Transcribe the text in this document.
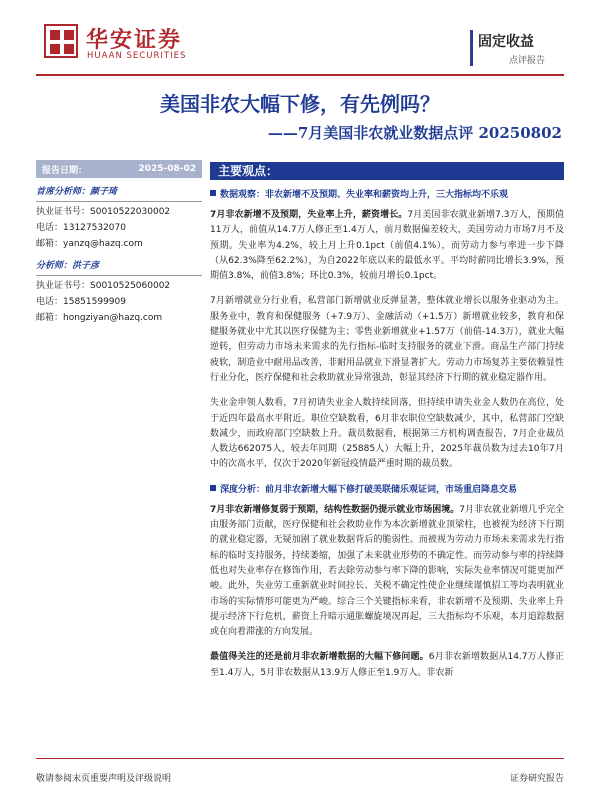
华安证券
HUAAN SECURITIES
固定收益
点评报告
美国非农大幅下修，有先例吗？
——7月美国非农就业数据点评 20250802
报告日期：	2025-08-02
首席分析师：颜子琦
执业证书号：S0010522030002
电话：13127532070
邮箱：yanzq@hazq.com
分析师：洪子彦
执业证书号：S0010525060002
电话：15851599909
邮箱：hongziyan@hazq.com
主要观点：
数据观察：非农新增不及预期、失业率和薪资均上升，三大指标均不乐观

7月非农新增不及预期，失业率上升，薪资增长。7月美国非农就业新增7.3万人，预期值11万人，前值从14.7万人修正至1.4万人，前月数据偏差较大，美国劳动力市场7月不及预期。失业率为4.2%，较上月上升0.1pct（前值4.1%），而劳动力参与率进一步下降（从62.3%降至62.2%），为自2022年底以来的最低水平。平均时薪同比增长3.9%，预期值3.8%，前值3.8%；环比0.3%，较前月增长0.1pct。

7月新增就业分行业看，私营部门新增就业反弹显著，整体就业增长以服务业驱动为主。服务业中，教育和保健服务（+7.9万）、金融活动（+1.5万）新增就业较多，教育和保健服务就业中尤其以医疗保健为主；零售业新增就业+1.57万（前值-14.3万），就业大幅逆转，但劳动力市场未来需求的先行指标-临时支持服务的就业下滑。商品生产部门持续疲软，制造业中耐用品改善，非耐用品就业下滑显著扩大。劳动力市场复苏主要依赖显性行业分化，医疗保健和社会救助就业异常强劲，彰显其经济下行期的就业稳定器作用。

失业金申领人数看，7月初请失业金人数持续回落，但持续申请失业金人数仍在高位，处于近四年最高水平附近。职位空缺数看，6月非农职位空缺数减少，其中，私营部门空缺数减少，而政府部门空缺数上升。裁员数据看，根据第三方机构调查报告，7月企业裁员人数达662075人，较去年同期（25885人）大幅上升，2025年裁员数为过去10年7月中的次高水平，仅次于2020年新冠疫情最严重时期的裁员数。

深度分析：前月非农新增大幅下修打破美联储乐观证词，市场重启降息交易

7月非农新增修复弱于预期，结构性数据仍提示就业市场困境。7月非农就业新增几乎完全由服务部门贡献，医疗保健和社会救助业作为本次新增就业顶梁柱，也被视为经济下行期的就业稳定器，无疑加剧了就业数据背后的脆弱性。而被视为劳动力市场未来需求先行指标的临时支持服务，持续萎缩，加强了未来就业形势的不确定性。而劳动参与率的持续降低也对失业率存在修饰作用，若去除劳动参与率下降的影响，实际失业率情况可能更加严峻。此外，失业劳工重新就业时间拉长、关税不确定性使企业继续谨慎招工等均表明就业市场的实际情形可能更为严峻。综合三个关键指标来看，非农新增不及预期、失业率上升提示经济下行危机，薪资上升暗示通胀螺旋境况再起，三大指标均不乐观，本月追踪数据或在向着滞涨的方向发展。

最值得关注的还是前月非农新增数据的大幅下修问题。6月非农新增数据从14.7万人修正至1.4万人，5月非农数据从13.9万人修正至1.9万人。非农新

敬请参阅末页重要声明及评级说明	证券研究报告
